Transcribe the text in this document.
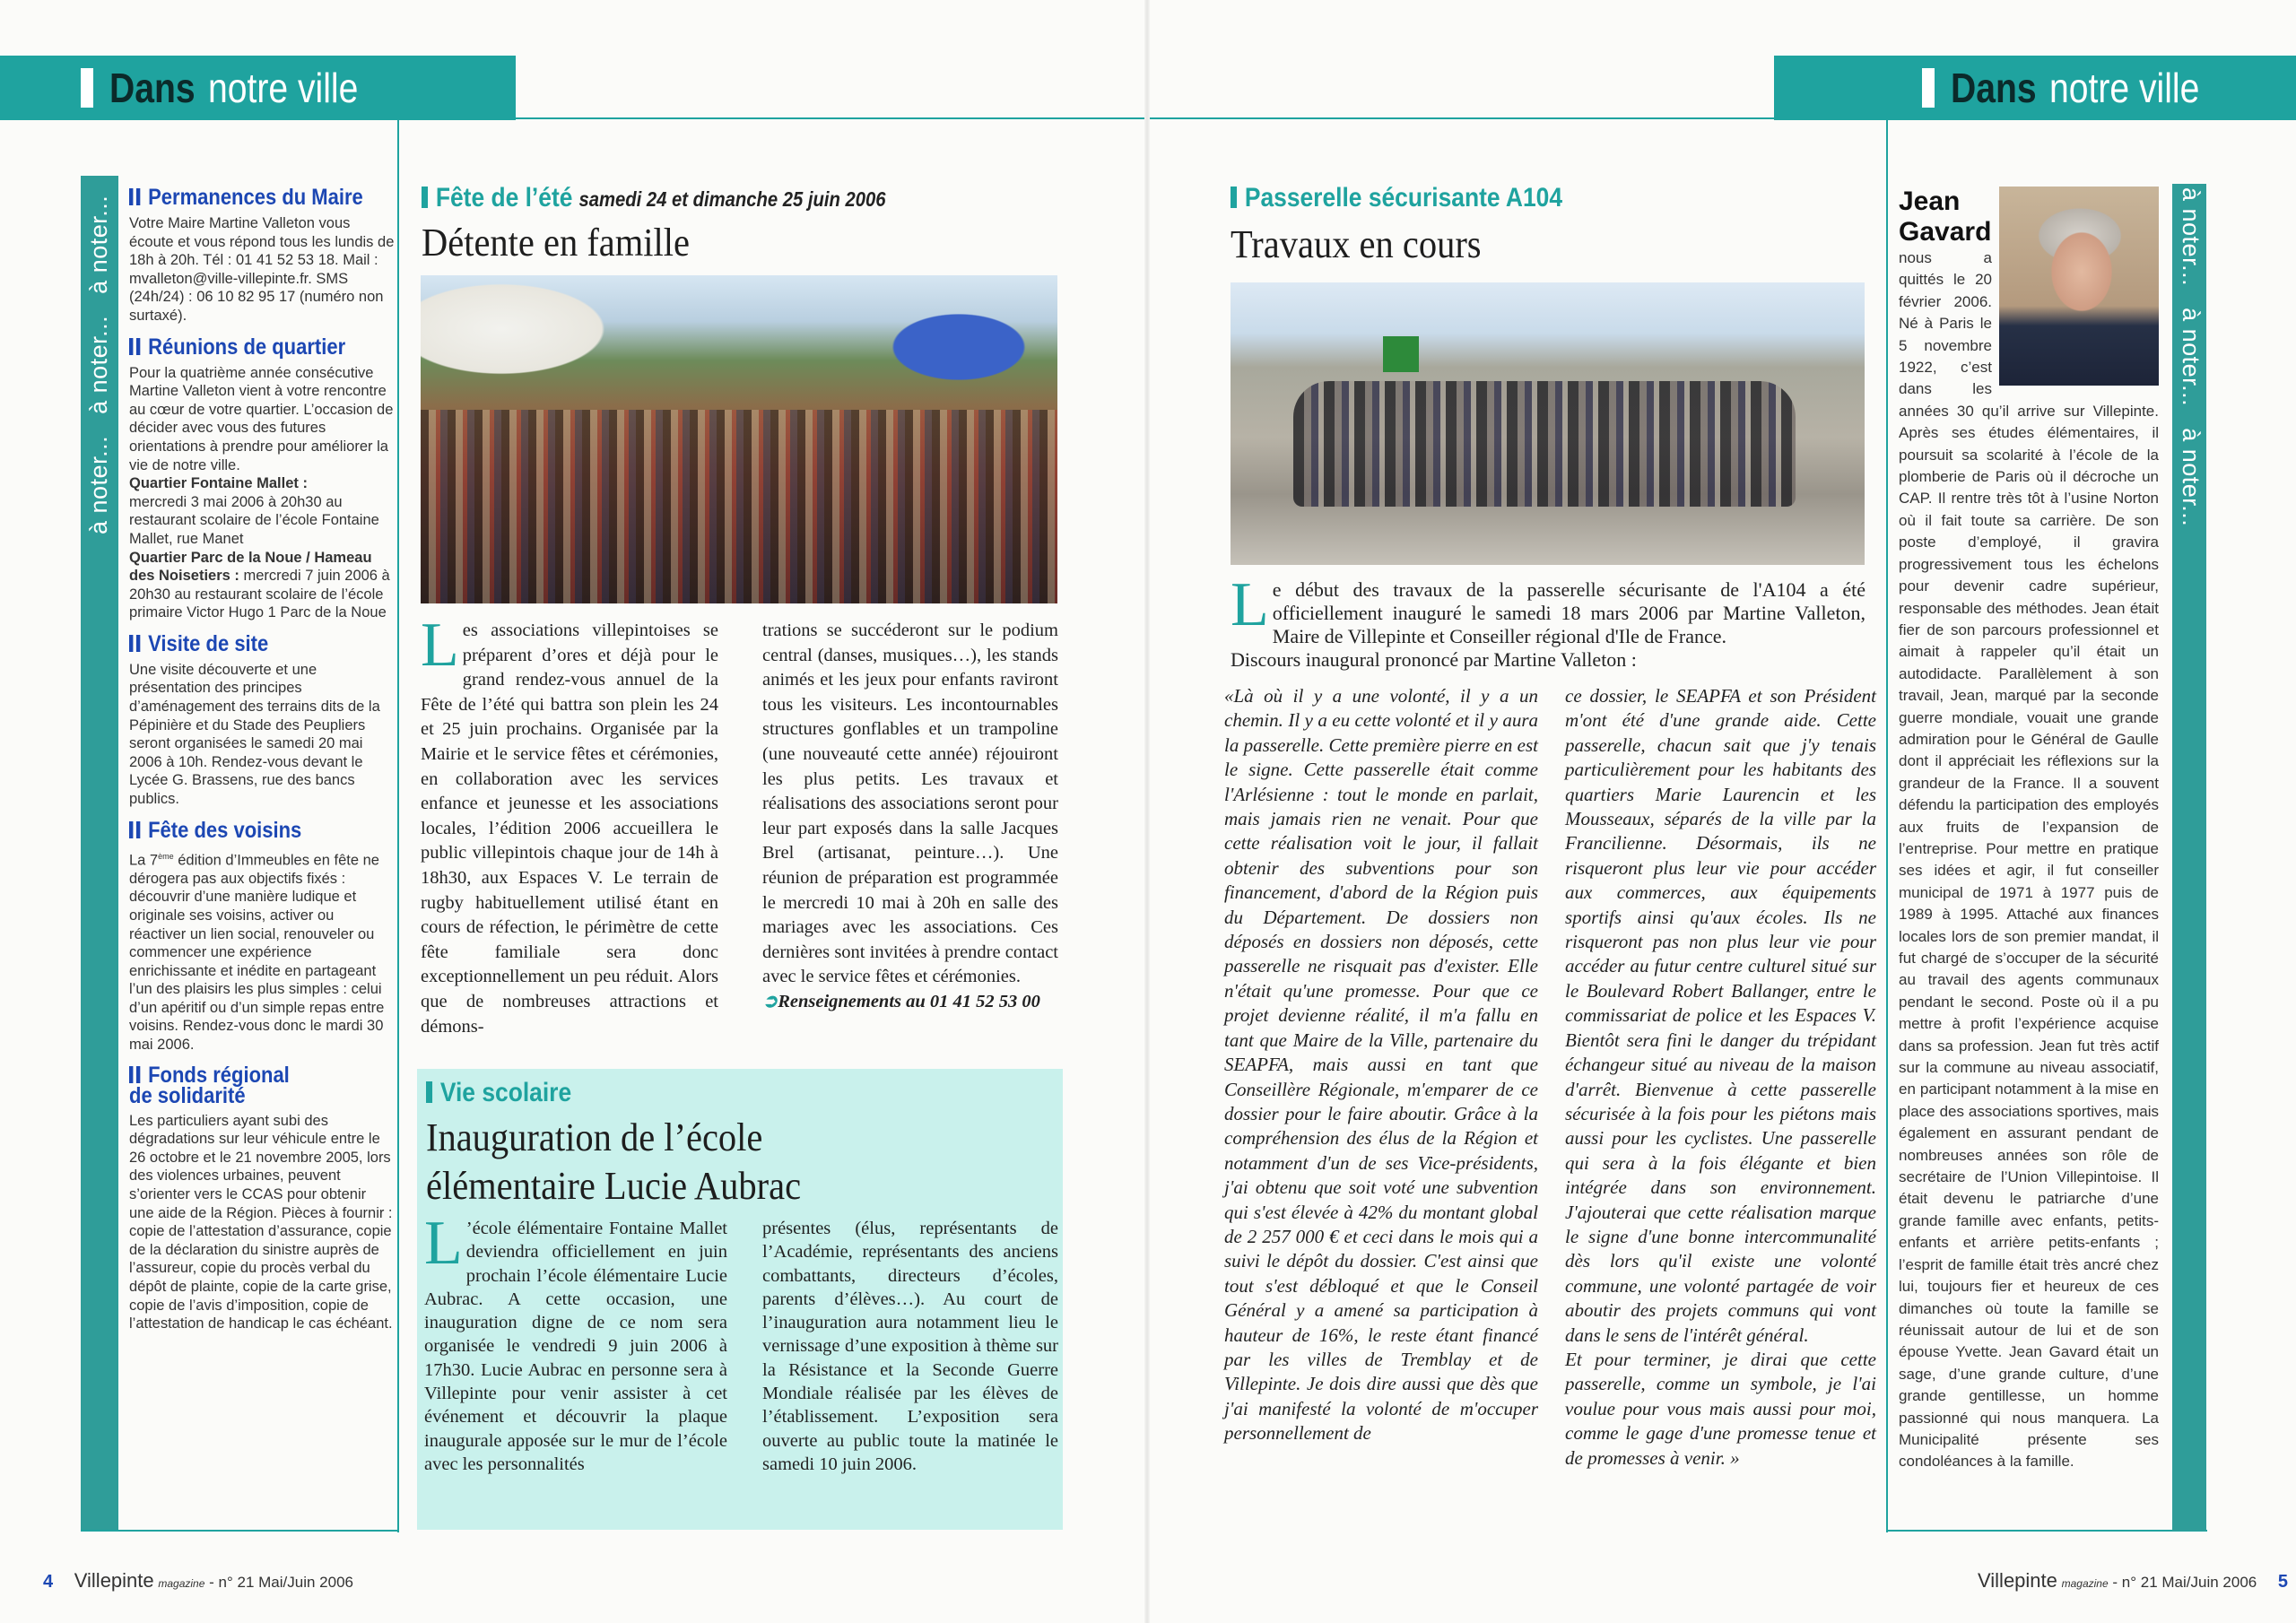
Dans notre ville	Dans notre ville
à noter...   à noter...   à noter...	à noter...   à noter...   à noter...
Permanences du Maire

Votre Maire Martine Valleton vous écoute et vous répond tous les lundis de 18h à 20h. Tél : 01 41 52 53 18. Mail : mvalleton@ville-villepinte.fr. SMS (24h/24) : 06 10 82 95 17 (numéro non surtaxé).

Réunions de quartier

Pour la quatrième année consécutive Martine Valleton vient à votre rencontre au cœur de votre quartier. L’occasion de décider avec vous des futures orientations à prendre pour améliorer la vie de notre ville.

Quartier Fontaine Mallet :
mercredi 3 mai 2006 à 20h30 au restaurant scolaire de l’école Fontaine Mallet, rue Manet

Quartier Parc de la Noue / Hameau des Noisetiers : mercredi 7 juin 2006 à 20h30 au restaurant scolaire de l’école primaire Victor Hugo 1 Parc de la Noue

Visite de site

Une visite découverte et une présentation des principes d’aménagement des terrains dits de la Pépinière et du Stade des Peupliers seront organisées le samedi 20 mai 2006 à 10h. Rendez-vous devant le Lycée G. Brassens, rue des bancs publics.

Fête des voisins

La 7ème édition d’Immeubles en fête ne dérogera pas aux objectifs fixés : découvrir d’une manière ludique et originale ses voisins, activer ou réactiver un lien social, renouveler ou commencer une expérience enrichissante et inédite en partageant l’un des plaisirs les plus simples : celui d’un apéritif ou d’un simple repas entre voisins. Rendez-vous donc le mardi 30 mai 2006.

Fonds régional
de solidarité

Les particuliers ayant subi des dégradations sur leur véhicule entre le 26 octobre et le 21 novembre 2005, lors des violences urbaines, peuvent s’orienter vers le CCAS pour obtenir une aide de la Région. Pièces à fournir : copie de l’attestation d’assurance, copie de la déclaration du sinistre auprès de l’assureur, copie du procès verbal du dépôt de plainte, copie de la carte grise, copie de l’avis d’imposition, copie de l’attestation de handicap le cas échéant.

Fête de l’été samedi 24 et dimanche 25 juin 2006
Détente en famille
Les associations villepintoises se préparent d’ores et déjà pour le grand rendez-vous annuel de la Fête de l’été qui battra son plein les 24 et 25 juin prochains. Organisée par la Mairie et le service fêtes et cérémonies, en collaboration avec les services enfance et jeunesse et les associations locales, l’édition 2006 accueillera le public villepintois chaque jour de 14h à 18h30, aux Espaces V. Le terrain de rugby habituellement utilisé étant en cours de réfection, le périmètre de cette fête familiale sera donc exceptionnellement un peu réduit. Alors que de nombreuses attractions et démons-
trations se succéderont sur le podium central (danses, musiques…), les stands animés et les jeux pour enfants raviront tous les visiteurs. Les incontournables structures gonflables et un trampoline (une nouveauté cette année) réjouiront les plus petits. Les travaux et réalisations des associations seront pour leur part exposés dans la salle Jacques Brel (artisanat, peinture…). Une réunion de préparation est programmée le mercredi 10 mai à 20h en salle des mariages avec les associations. Ces dernières sont invitées à prendre contact avec le service fêtes et cérémonies.
➲Renseignements au 01 41 52 53 00
Vie scolaire
Inauguration de l’école
élémentaire Lucie Aubrac
L ’école élémentaire Fontaine Mallet deviendra officiellement en juin prochain l’école élémentaire Lucie Aubrac. A cette occasion, une inauguration digne de ce nom sera organisée le vendredi 9 juin 2006 à 17h30. Lucie Aubrac en personne sera à Villepinte pour venir assister à cet événement et découvrir la plaque inaugurale apposée sur le mur de l’école avec les personnalités
présentes (élus, représentants de l’Académie, représentants des anciens combattants, directeurs d’écoles, parents d’élèves…). Au court de l’inauguration aura notamment lieu le vernissage d’une exposition à thème sur la Résistance et la Seconde Guerre Mondiale réalisée par les élèves de l’établissement. L’exposition sera ouverte au public toute la matinée le samedi 10 juin 2006.
Passerelle sécurisante A104
Travaux en cours
Le début des travaux de la passerelle sécurisante de l'A104 a été officiellement inauguré le samedi 18 mars 2006 par Martine Valleton, Maire de Villepinte et Conseiller régional d'Ile de France.
Discours inaugural prononcé par Martine Valleton :
«Là où il y a une volonté, il y a un chemin. Il y a eu cette volonté et il y aura la passerelle. Cette première pierre en est le signe. Cette passerelle était comme l'Arlésienne : tout le monde en parlait, mais jamais rien ne venait. Pour que cette réalisation voit le jour, il fallait obtenir des subventions pour son financement, d'abord de la Région puis du Département. De dossiers non déposés en dossiers non déposés, cette passerelle ne risquait pas d'exister. Elle n'était qu'une promesse. Pour que ce projet devienne réalité, il m'a fallu en tant que Maire de la Ville, partenaire du SEAPFA, mais aussi en tant que Conseillère Régionale, m'emparer de ce dossier pour le faire aboutir. Grâce à la compréhension des élus de la Région et notamment d'un de ses Vice-présidents, j'ai obtenu que soit voté une subvention qui s'est élevée à 42% du montant global de 2 257 000 € et ceci dans le mois qui a suivi le dépôt du dossier. C'est ainsi que tout s'est débloqué et que le Conseil Général y a amené sa participation à hauteur de 16%, le reste étant financé par les villes de Tremblay et de Villepinte. Je dois dire aussi que dès que j'ai manifesté la volonté de m'occuper personnellement de
ce dossier, le SEAPFA et son Président m'ont été d'une grande aide. Cette passerelle, chacun sait que j'y tenais particulièrement pour les habitants des quartiers Marie Laurencin et les Mousseaux, séparés de la ville par la Francilienne. Désormais, ils ne risqueront plus leur vie pour accéder aux commerces, aux équipements sportifs ainsi qu'aux écoles. Ils ne risqueront pas non plus leur vie pour accéder au futur centre culturel situé sur le Boulevard Robert Ballanger, entre le commissariat de police et les Espaces V. Bientôt sera fini le danger du trépidant échangeur situé au niveau de la maison d'arrêt. Bienvenue à cette passerelle sécurisée à la fois pour les piétons mais aussi pour les cyclistes. Une passerelle qui sera à la fois élégante et bien intégrée dans son environnement. J'ajouterai que cette réalisation marque le signe d'une bonne intercommunalité dès lors qu'il existe une volonté commune, une volonté partagée de voir aboutir des projets communs qui vont dans le sens de l'intérêt général.
Et pour terminer, je dirai que cette passerelle, comme un symbole, je l'ai voulue pour vous mais aussi pour moi, comme le gage d'une promesse tenue et de promesses à venir. »
Jean
Gavard
nous a quittés le 20 février 2006. Né à Paris le 5 novembre 1922, c’est dans les années 30 qu’il arrive sur Villepinte. Après ses études élémentaires, il poursuit sa scolarité à l’école de la plomberie de Paris où il décroche un CAP. Il rentre très tôt à l’usine Norton où il fait toute sa carrière. De son poste d’employé, il gravira progressivement tous les échelons pour devenir cadre supérieur, responsable des méthodes. Jean était fier de son parcours professionnel et aimait à rappeler qu’il était un autodidacte. Parallèlement à son travail, Jean, marqué par la seconde guerre mondiale, vouait une grande admiration pour le Général de Gaulle dont il appréciait les réflexions sur la grandeur de la France. Il a souvent défendu la participation des employés aux fruits de l’expansion de l’entreprise. Pour mettre en pratique ses idées et agir, il fut conseiller municipal de 1971 à 1977 puis de 1989 à 1995. Attaché aux finances locales lors de son premier mandat, il fut chargé de s’occuper de la sécurité au travail des agents communaux pendant le second. Poste où il a pu mettre à profit l’expérience acquise dans sa profession. Jean fut très actif sur la commune au niveau associatif, en participant notamment à la mise en place des associations sportives, mais également en assurant pendant de nombreuses années son rôle de secrétaire de l’Union Villepintoise. Il était devenu le patriarche d’une grande famille avec enfants, petits-enfants et arrière petits-enfants ; l’esprit de famille était très ancré chez lui, toujours fier et heureux de ces dimanches où toute la famille se réunissait autour de lui et de son épouse Yvette. Jean Gavard était un sage, d’une grande culture, d’une grande gentillesse, un homme passionné qui nous manquera. La Municipalité présente ses condoléances à la famille.
4 Villepinte magazine - n° 21 Mai/Juin 2006	Villepinte magazine - n° 21 Mai/Juin 2006 5
